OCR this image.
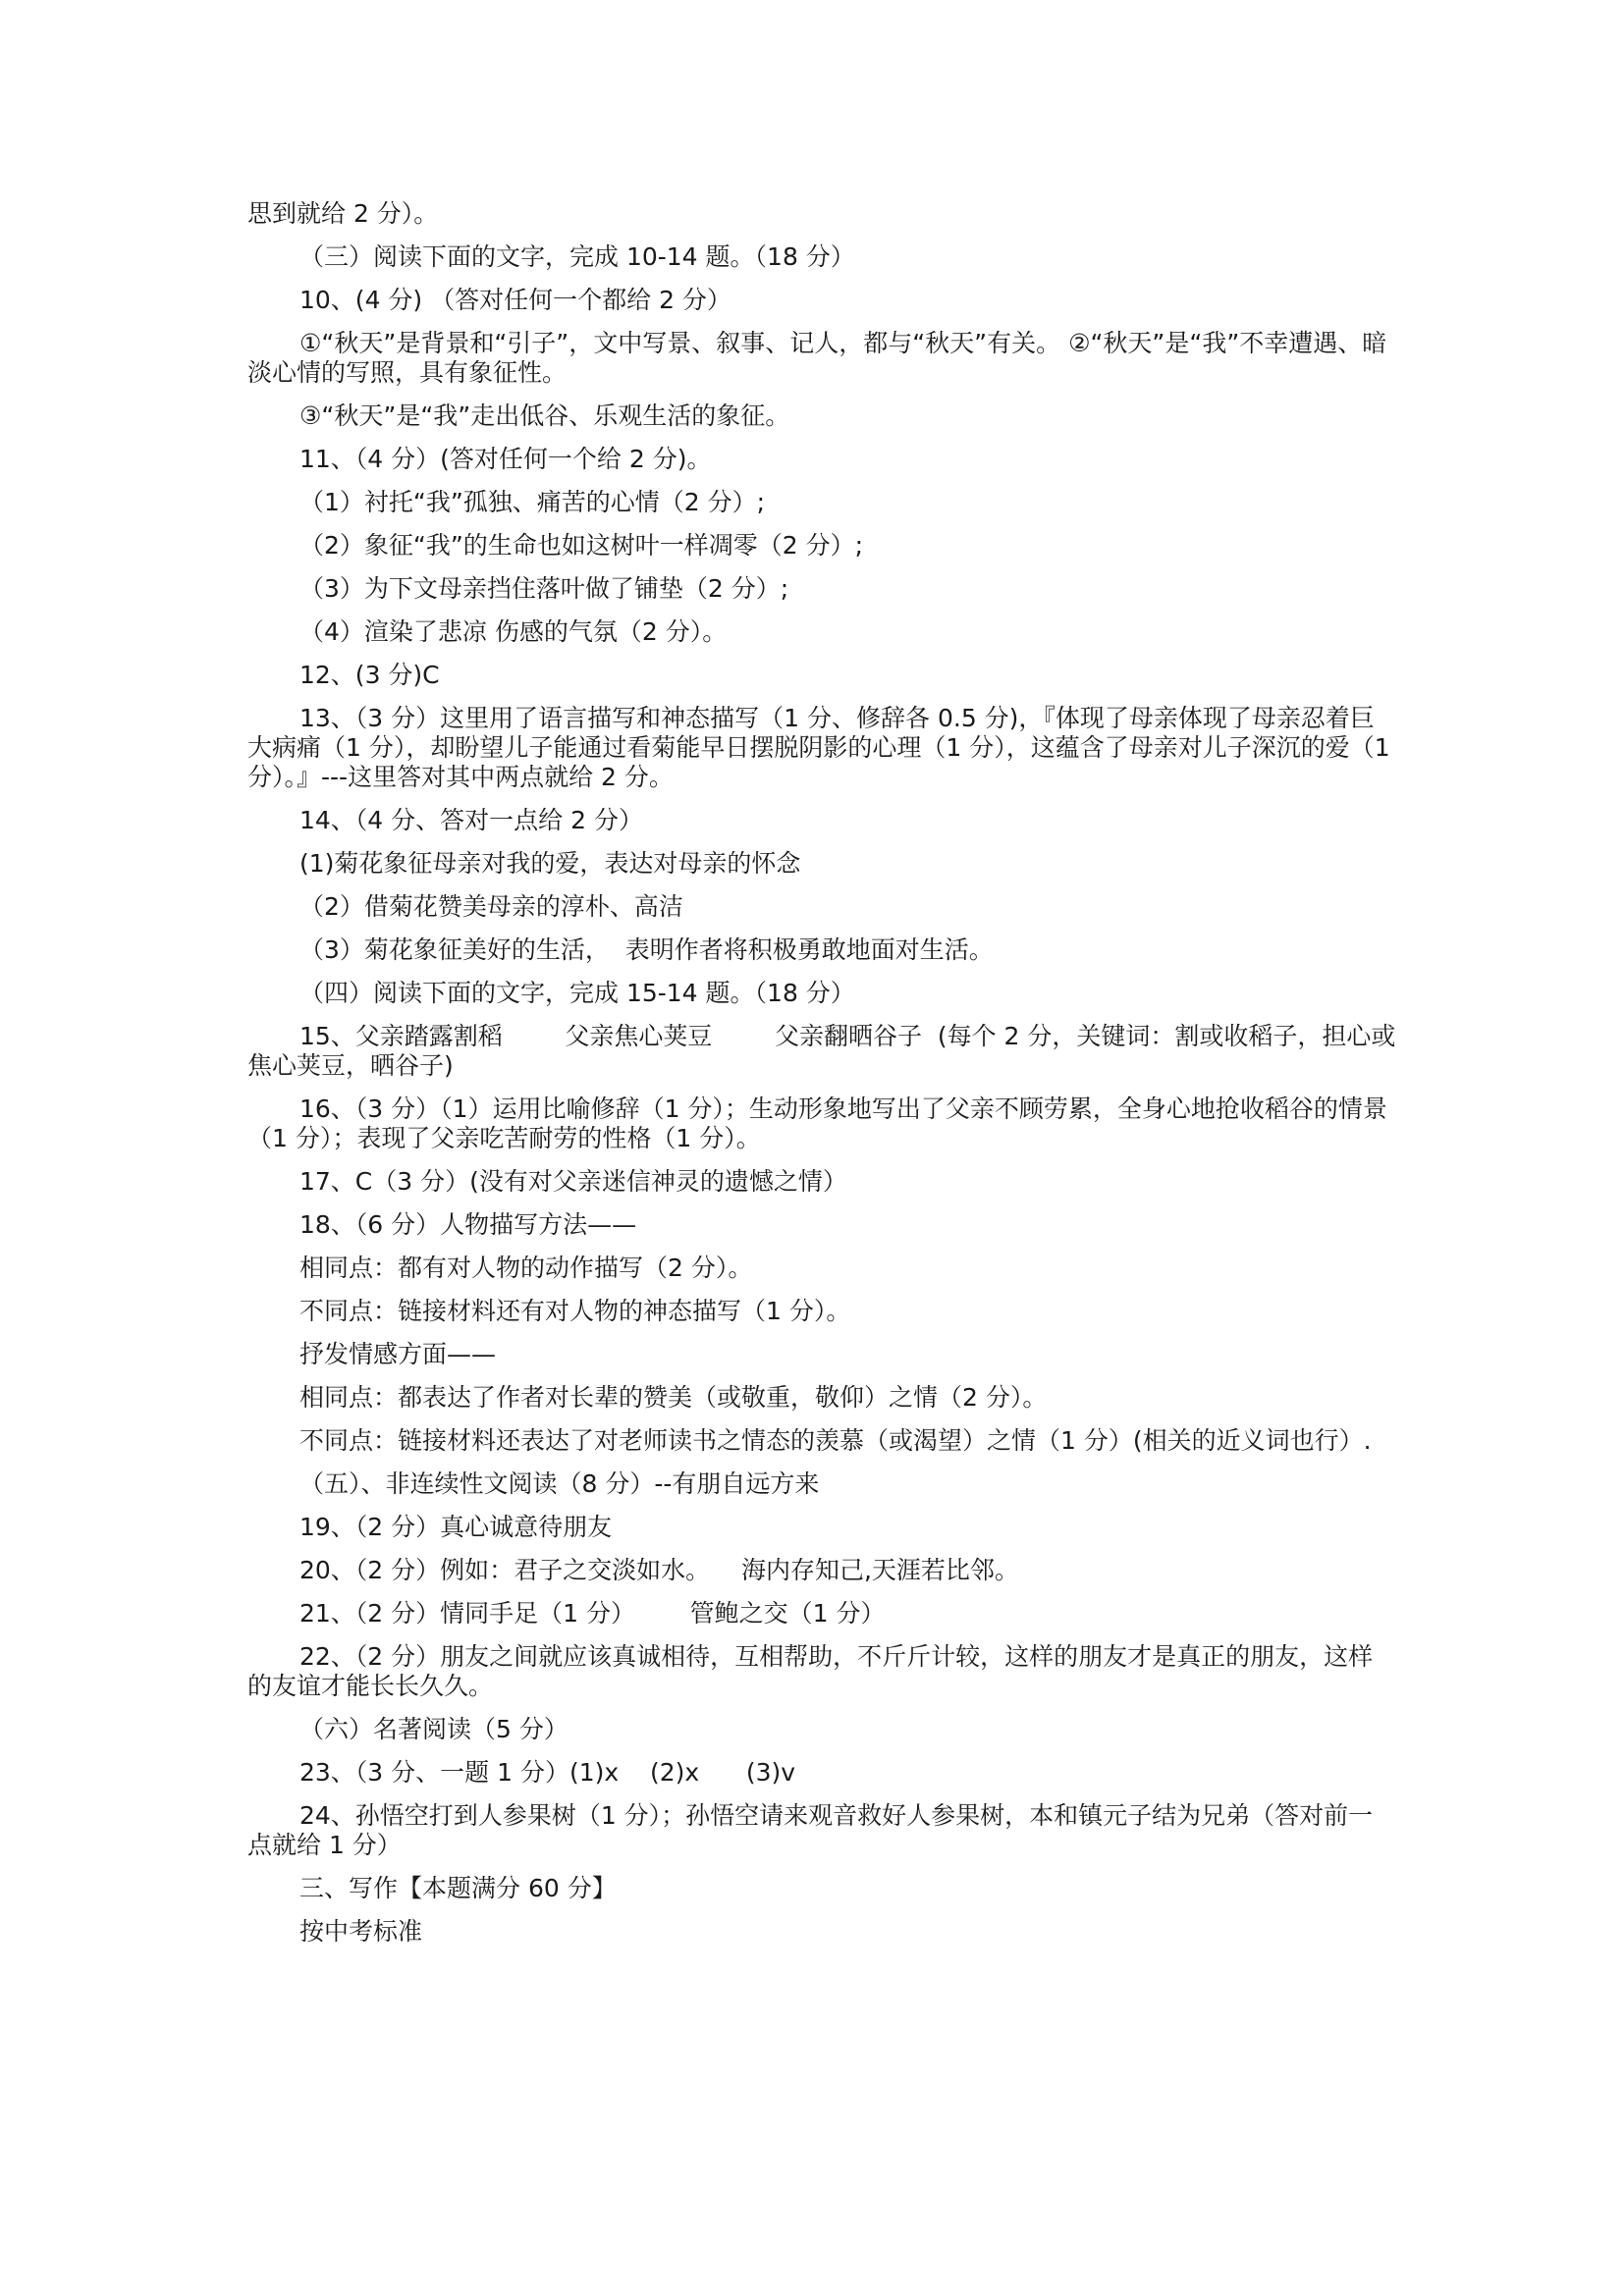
思到就给 2 分）。

（三）阅读下面的文字，完成 10-14 题。（18 分）

10、(4 分) （答对任何一个都给 2 分）

①“秋天”是背景和“引子”，文中写景、叙事、记人，都与“秋天”有关。 ②“秋天”是“我”不幸遭遇、暗淡心情的写照，具有象征性。

③“秋天”是“我”走出低谷、乐观生活的象征。

11、（4 分）(答对任何一个给 2 分)。

（1）衬托“我”孤独、痛苦的心情（2 分）;

（2）象征“我”的生命也如这树叶一样凋零（2 分）;

（3）为下文母亲挡住落叶做了铺垫（2 分）;

（4）渲染了悲凉 伤感的气氛（2 分）。

12、(3 分)C

13、（3 分）这里用了语言描写和神态描写（1 分、修辞各 0.5 分)，『体现了母亲体现了母亲忍着巨大病痛（1 分），却盼望儿子能通过看菊能早日摆脱阴影的心理（1 分），这蕴含了母亲对儿子深沉的爱（1 分）。』---这里答对其中两点就给 2 分。

14、（4 分、答对一点给 2 分）

(1)菊花象征母亲对我的爱，表达对母亲的怀念

（2）借菊花赞美母亲的淳朴、高洁

（3）菊花象征美好的生活，  表明作者将积极勇敢地面对生活。

（四）阅读下面的文字，完成 15-14 题。（18 分）

15、父亲踏露割稻        父亲焦心荚豆        父亲翻晒谷子  (每个 2 分，关键词：割或收稻子，担心或焦心荚豆，晒谷子)

16、（3 分）（1）运用比喻修辞（1 分）；生动形象地写出了父亲不顾劳累，全身心地抢收稻谷的情景（1 分）；表现了父亲吃苦耐劳的性格（1 分）。

17、C（3 分）(没有对父亲迷信神灵的遗憾之情）

18、（6 分）人物描写方法——

相同点：都有对人物的动作描写（2 分）。

不同点：链接材料还有对人物的神态描写（1 分）。

抒发情感方面——

相同点：都表达了作者对长辈的赞美（或敬重，敬仰）之情（2 分）。

不同点：链接材料还表达了对老师读书之情态的羡慕（或渴望）之情（1 分）(相关的近义词也行）.

（五）、非连续性文阅读（8 分）--有朋自远方来

19、（2 分）真心诚意待朋友

20、（2 分）例如：君子之交淡如水。    海内存知己,天涯若比邻。

21、（2 分）情同手足（1 分）       管鲍之交（1 分）

22、（2 分）朋友之间就应该真诚相待，互相帮助，不斤斤计较，这样的朋友才是真正的朋友，这样的友谊才能长长久久。

（六）名著阅读（5 分）

23、（3 分、一题 1 分）(1)x    (2)x      (3)v

24、孙悟空打到人参果树（1 分）；孙悟空请来观音救好人参果树，本和镇元子结为兄弟（答对前一点就给 1 分）

三、写作【本题满分 60 分】

按中考标准
